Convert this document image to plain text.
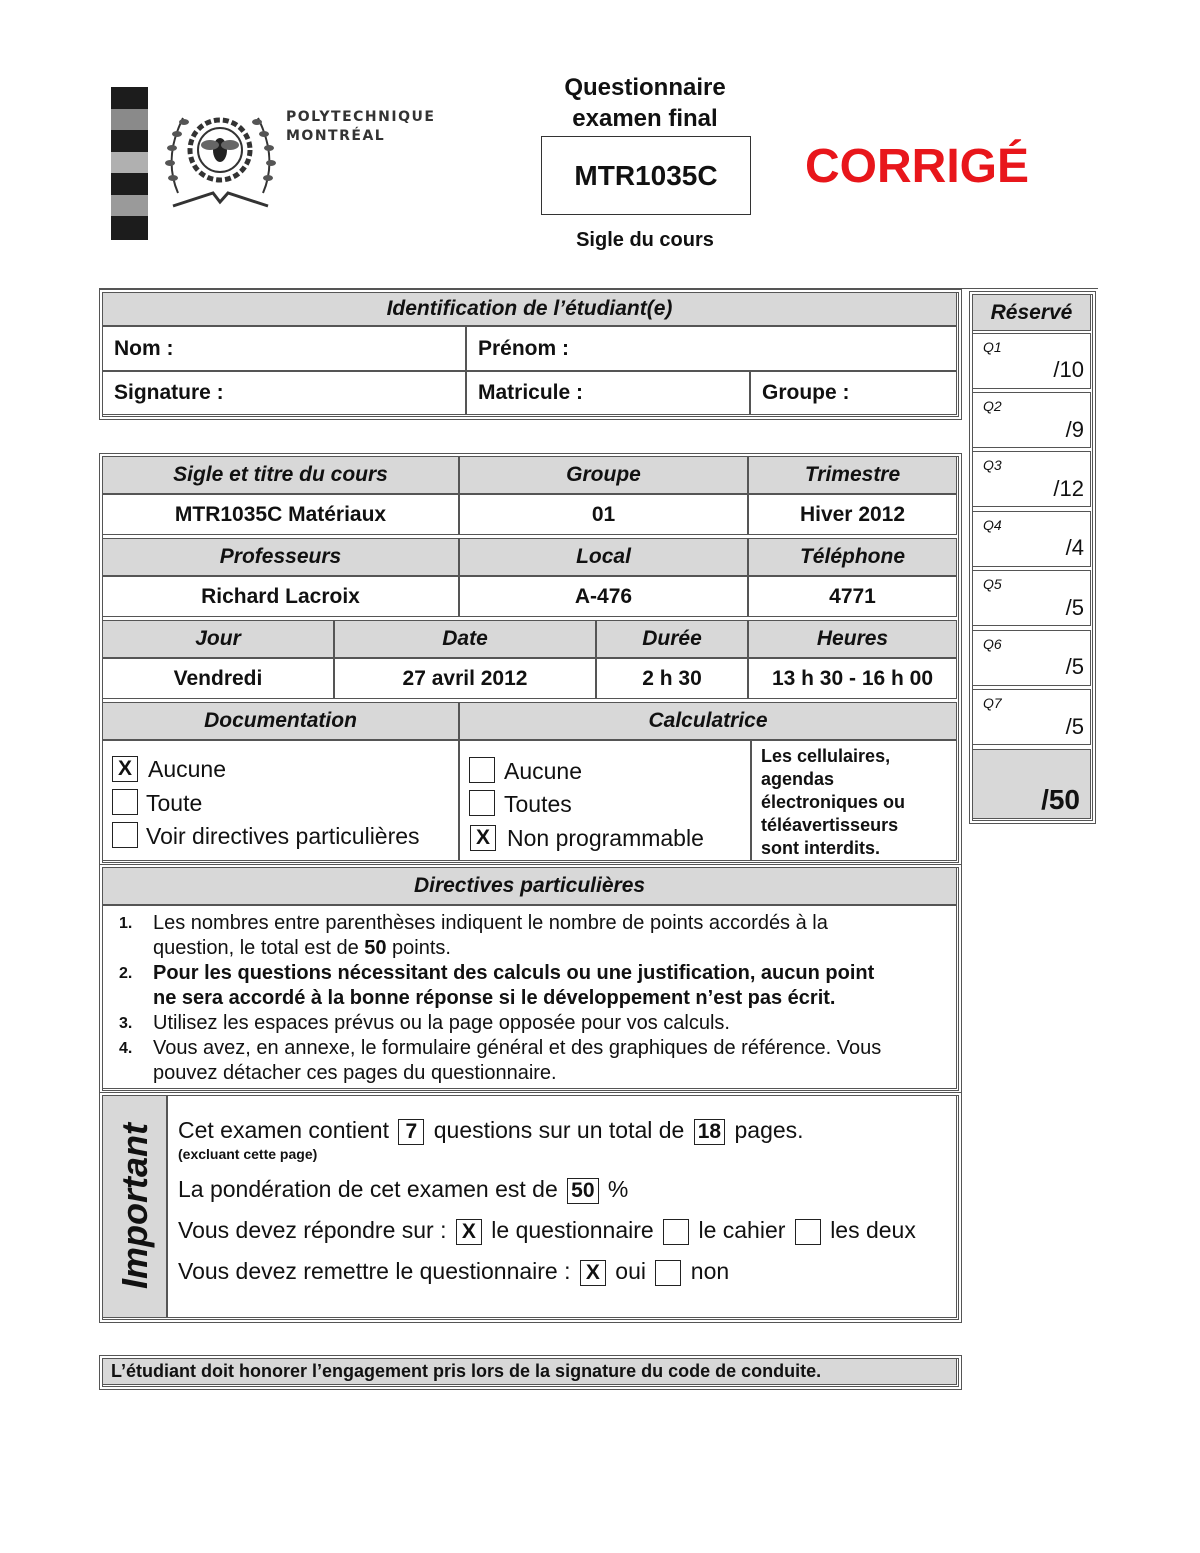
POLYTECHNIQUE
MONTRÉAL
Questionnaire
examen final
MTR1035C
Sigle du cours
CORRIGÉ
Identification de l’étudiant(e)
Nom :	Prénom :
Signature :	Matricule :	Groupe :
Sigle et titre du cours	Groupe	Trimestre
MTR1035C Matériaux	01	Hiver 2012
Professeurs	Local	Téléphone
Richard Lacroix	A-476	4771
Jour	Date	Durée	Heures
Vendredi	27 avril 2012	2 h 30	13 h 30 - 16 h 00
Documentation	Calculatrice
X Aucune
Toute
Voir directives particulières
Aucune
Toutes
X Non programmable
Les cellulaires,
agendas
électroniques ou
téléavertisseurs
sont interdits.
Directives particulières
1. Les nombres entre parenthèses indiquent le nombre de points accordés à la
question, le total est de 50 points.
2. Pour les questions nécessitant des calculs ou une justification, aucun point
ne sera accordé à la bonne réponse si le développement n’est pas écrit.
3. Utilisez les espaces prévus ou la page opposée pour vos calculs.
4. Vous avez, en annexe, le formulaire général et des graphiques de référence. Vous
pouvez détacher ces pages du questionnaire.
Important Cet examen contient 7 questions sur un total de 18 pages.
(excluant cette page)
La pondération de cet examen est de 50 %
Vous devez répondre sur : X le questionnaire le cahier les deux
Vous devez remettre le questionnaire : X oui non
L’étudiant doit honorer l’engagement pris lors de la signature du code de conduite.
Réservé
Q1
/10
Q2
/9
Q3
/12
Q4
/4
Q5
/5
Q6
/5
Q7
/5
/50
